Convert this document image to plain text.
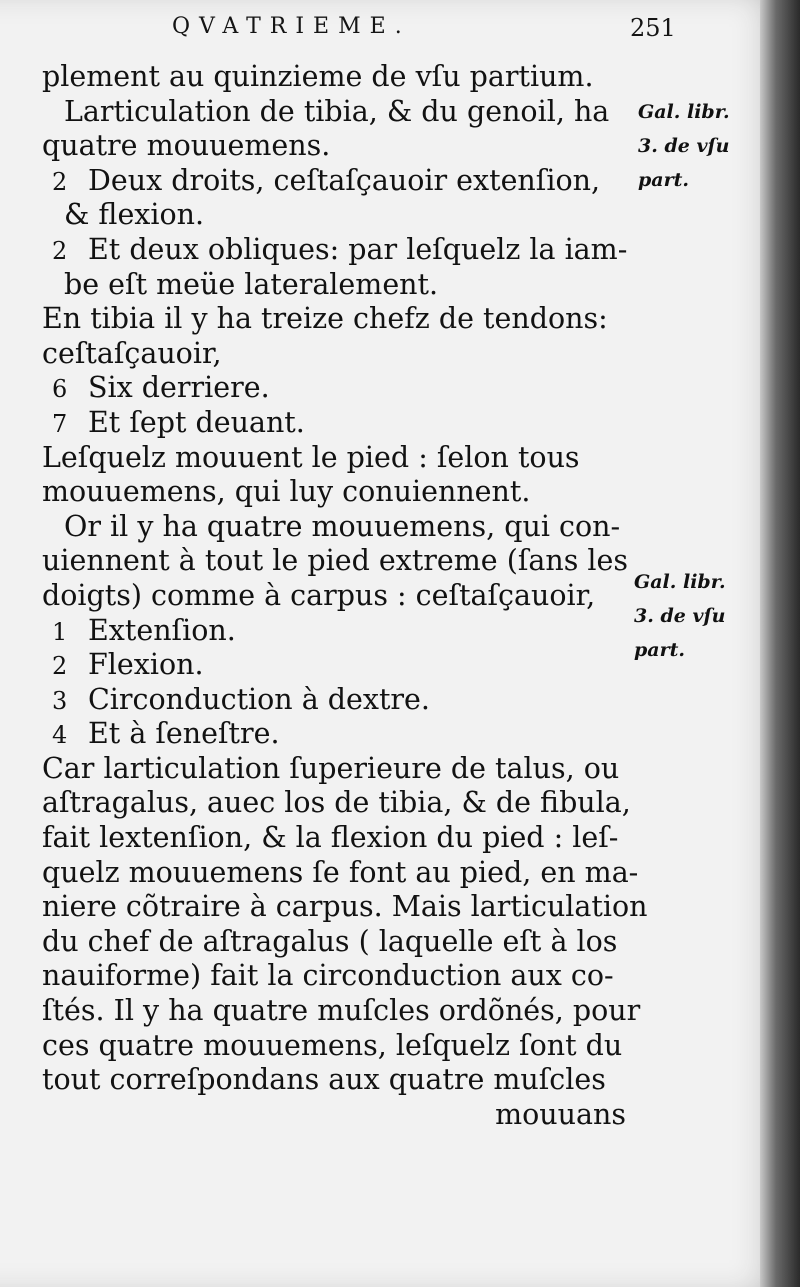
QVATRIEME.	251
plement au quinzieme de vſu partium.
Larticulation de tibia, & du genoil, ha
quatre mouuemens.
2 Deux droits, ceſtaſçauoir extenſion,
& flexion.
2 Et deux obliques: par leſquelz la iam-
be eſt meüe lateralement.
En tibia il y ha treize chefz de tendons:
ceſtaſçauoir,
6 Six derriere.
7 Et ſept deuant.
Leſquelz mouuent le pied : ſelon tous
mouuemens, qui luy conuiennent.
Or il y ha quatre mouuemens, qui con-
uiennent à tout le pied extreme (ſans les
doigts) comme à carpus : ceſtaſçauoir,
1 Extenſion.
2 Flexion.
3 Circonduction à dextre.
4 Et à ſeneſtre.
Car larticulation ſuperieure de talus, ou
aſtragalus, auec los de tibia, & de fibula,
fait lextenſion, & la flexion du pied : leſ-
quelz mouuemens ſe font au pied, en ma-
niere cõtraire à carpus. Mais larticulation
du chef de aſtragalus ( laquelle eſt à los
nauiforme) fait la circonduction aux co-
ſtés. Il y ha quatre muſcles ordõnés, pour
ces quatre mouuemens, leſquelz ſont du
tout correſpondans aux quatre muſcles
mouuans
Gal. libr.
3. de vſu
part.
Gal. libr.
3. de vſu
part.
